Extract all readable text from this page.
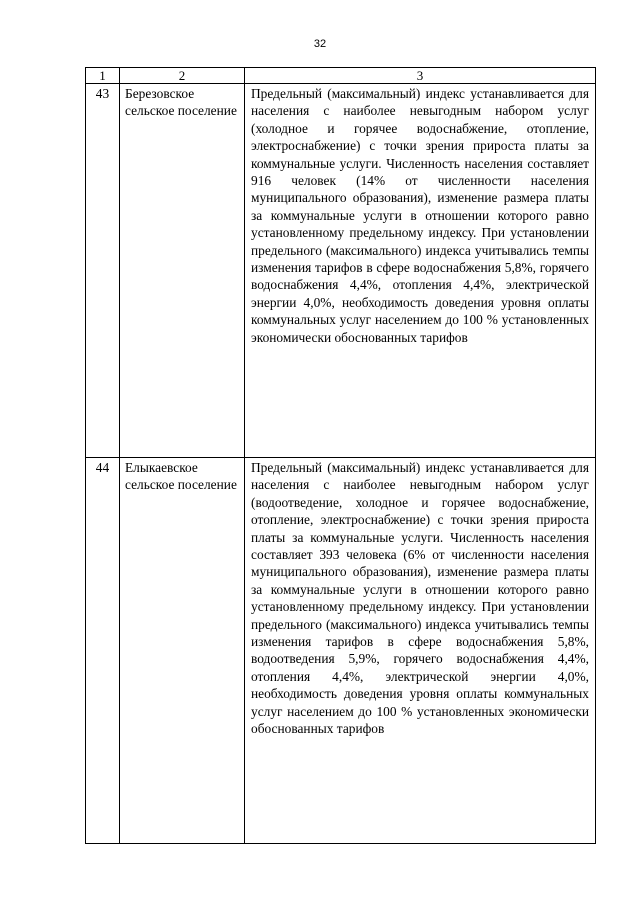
32
1	2	3
43	Березовское сельское поселение	Предельный (максимальный) индекс устанавливается для населения с наиболее невыгодным набором услуг (холодное и горячее водоснабжение, отопление, электроснабжение) с точки зрения прироста платы за коммунальные услуги. Численность населения составляет 916 человек (14% от численности населения муниципального образования), изменение размера платы за коммунальные услуги в отношении которого равно установленному предельному индексу. При установлении предельного (максимального) индекса учитывались темпы изменения тарифов в сфере водоснабжения 5,8%, горячего водоснабжения 4,4%, отопления 4,4%, электрической энергии 4,0%, необходимость доведения уровня оплаты коммунальных услуг населением до 100 % установленных экономически обоснованных тарифов
44	Елыкаевское сельское поселение	Предельный (максимальный) индекс устанавливается для населения с наиболее невыгодным набором услуг (водоотведение, холодное и горячее водоснабжение, отопление, электроснабжение) с точки зрения прироста платы за коммунальные услуги. Численность населения составляет 393 человека (6% от численности населения муниципального образования), изменение размера платы за коммунальные услуги в отношении которого равно установленному предельному индексу. При установлении предельного (максимального) индекса учитывались темпы изменения тарифов в сфере водоснабжения 5,8%, водоотведения 5,9%, горячего водоснабжения 4,4%, отопления 4,4%, электрической энергии 4,0%, необходимость доведения уровня оплаты коммунальных услуг населением до 100 % установленных экономически обоснованных тарифов
